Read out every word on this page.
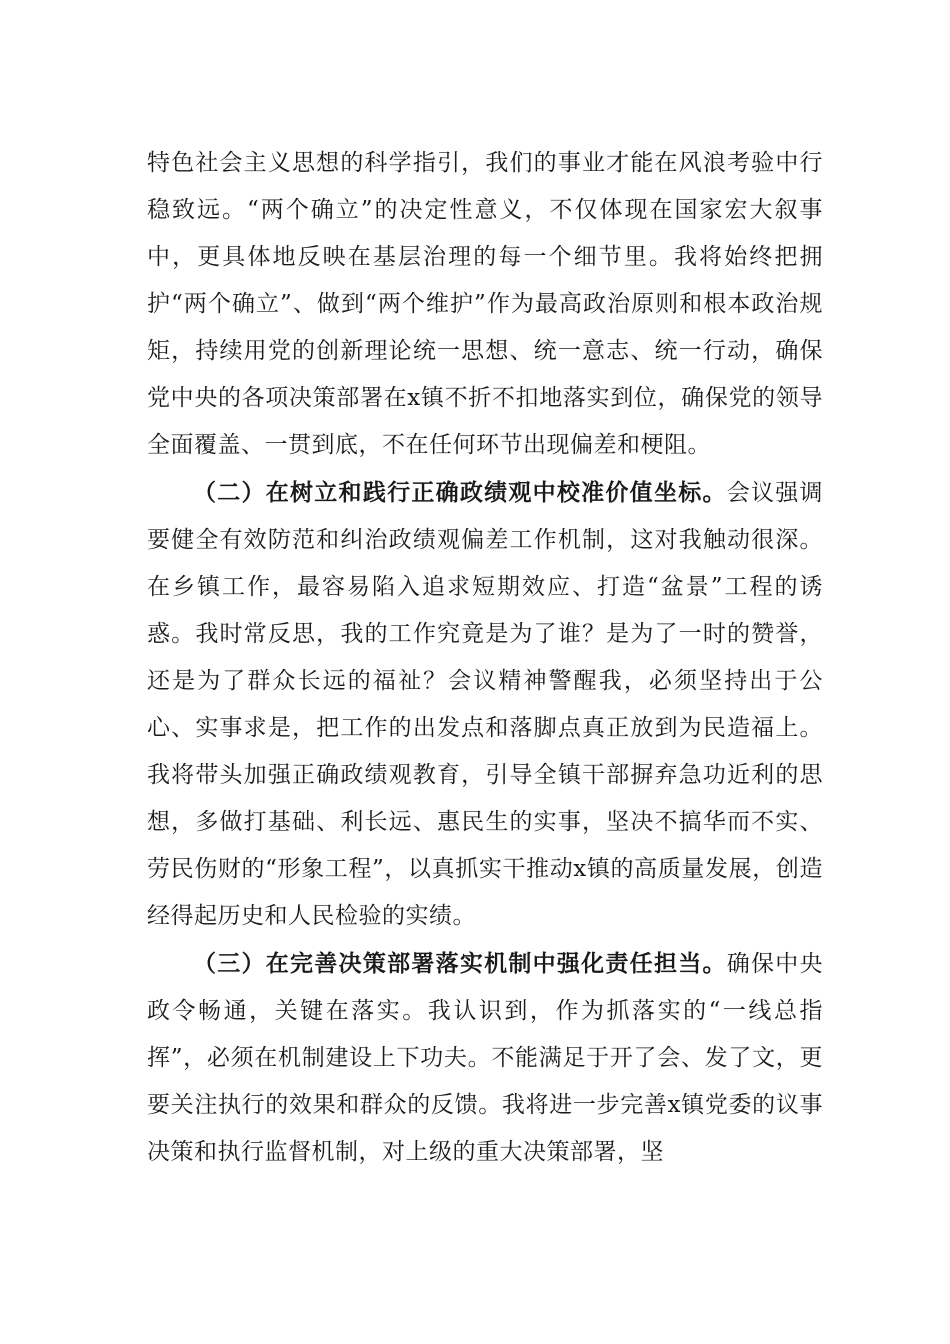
特色社会主义思想的科学指引，我们的事业才能在风浪考验中行稳致远。“两个确立”的决定性意义，不仅体现在国家宏大叙事中，更具体地反映在基层治理的每一个细节里。我将始终把拥护“两个确立”、做到“两个维护”作为最高政治原则和根本政治规矩，持续用党的创新理论统一思想、统一意志、统一行动，确保党中央的各项决策部署在x镇不折不扣地落实到位，确保党的领导全面覆盖、一贯到底，不在任何环节出现偏差和梗阻。

（二）在树立和践行正确政绩观中校准价值坐标。会议强调要健全有效防范和纠治政绩观偏差工作机制，这对我触动很深。在乡镇工作，最容易陷入追求短期效应、打造“盆景”工程的诱惑。我时常反思，我的工作究竟是为了谁？是为了一时的赞誉，还是为了群众长远的福祉？会议精神警醒我，必须坚持出于公心、实事求是，把工作的出发点和落脚点真正放到为民造福上。我将带头加强正确政绩观教育，引导全镇干部摒弃急功近利的思想，多做打基础、利长远、惠民生的实事，坚决不搞华而不实、劳民伤财的“形象工程”，以真抓实干推动x镇的高质量发展，创造经得起历史和人民检验的实绩。

（三）在完善决策部署落实机制中强化责任担当。确保中央政令畅通，关键在落实。我认识到，作为抓落实的“一线总指挥”，必须在机制建设上下功夫。不能满足于开了会、发了文，更要关注执行的效果和群众的反馈。我将进一步完善x镇党委的议事决策和执行监督机制，对上级的重大决策部署，坚
